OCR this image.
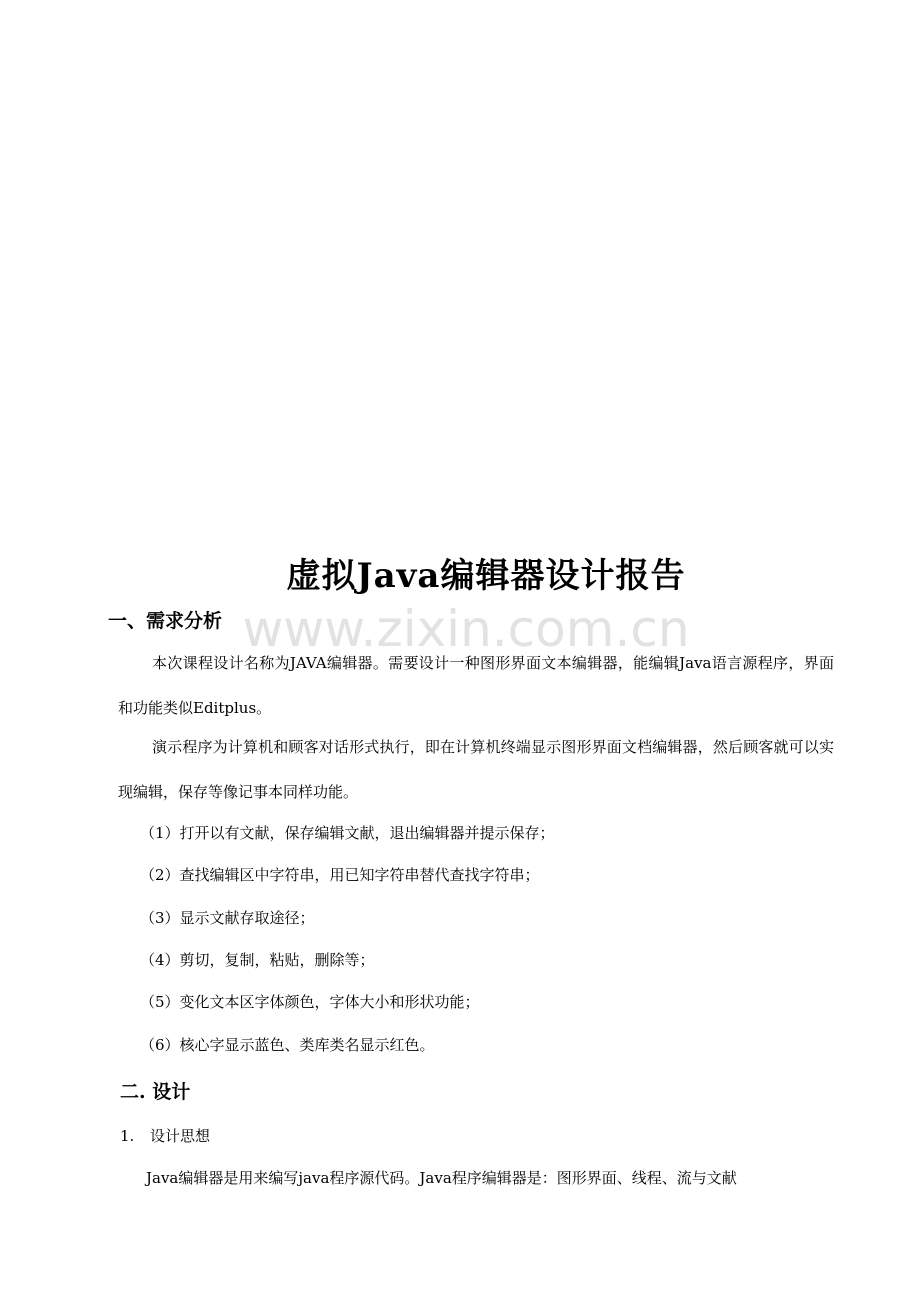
www.zixin.com.cn
虚拟Java编辑器设计报告
一、需求分析

本次课程设计名称为JAVA编辑器。需要设计一种图形界面文本编辑器，能编辑Java语言源程序，界面和功能类似Editplus。

演示程序为计算机和顾客对话形式执行，即在计算机终端显示图形界面文档编辑器，然后顾客就可以实现编辑，保存等像记事本同样功能。

（1）打开以有文献，保存编辑文献，退出编辑器并提示保存；

（2）查找编辑区中字符串，用已知字符串替代查找字符串；

（3）显示文献存取途径；

（4）剪切，复制，粘贴，删除等；

（5）变化文本区字体颜色，字体大小和形状功能；

（6）核心字显示蓝色、类库类名显示红色。

二. 设计

1. 设计思想

Java编辑器是用来编写java程序源代码。Java程序编辑器是：图形界面、线程、流与文献
